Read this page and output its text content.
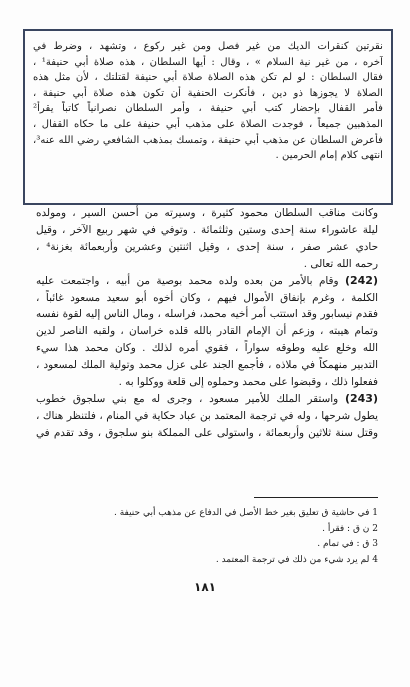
نقرتين كنقرات الديك من غير فصل ومن غير ركوع ، وتشهد ، وضرط في
آخره ، من غير نية السلام » ، وقال : أيها السلطان ، هذه صلاة أبي حنيفة¹ ،
فقال السلطان : لو لم تكن هذه الصلاة صلاة أبي حنيفة لقتلتك ، لأن مثل هذه
الصلاة لا يجوزها ذو دين ، فأنكرت الحنفية أن تكون هذه صلاة أبي حنيفة ،
فأمر القفال بإحضار كتب أبي حنيفة ، وأمر السلطان نصرانياً كاتباً يقرأ²
المذهبين جميعاً ، فوجدت الصلاة على مذهب أبي حنيفة على ما حكاه القفال ،
فأعرض السلطان عن مذهب أبي حنيفة ، وتمسك بمذهب الشافعي رضي الله عنه³،
انتهى كلام إمام الحرمين .
وكانت مناقب السلطان محمود كثيرة ، وسيرته من أحسن السير ، ومولده
ليلة عاشوراء سنة إحدى وستين وثلثمائة . وتوفي في شهر ربيع الآخر ، وقيل
حادي عشر صفر ، سنة إحدى ، وقيل اثنتين وعشرين وأربعمائة بغزنة⁴ ،
رحمه الله تعالى .
(242) وقام بالأمر من بعده ولده محمد بوصية من أبيه ، واجتمعت عليه
الكلمة ، وغرم بإنفاق الأموال فيهم ، وكان أخوه أبو سعيد مسعود غائباً ،
فقدم نيسابور وقد استتب أمر أخيه محمد، فراسله ، ومال الناس إليه لقوة نفسه
وتمام هيبته ، وزعم أن الإمام القادر بالله قلده خراسان ، ولقبه الناصر لدين
الله وخلع عليه وطوقه سواراً ، فقوي أمره لذلك . وكان محمد هذا سيء
التدبير منهمكاً في ملاذه ، فأجمع الجند على عزل محمد وتولية الملك لمسعود ،
ففعلوا ذلك ، وقبضوا على محمد وحملوه إلى قلعة ووكلوا به .
(243) واستقر الملك للأمير مسعود ، وجرى له مع بني سلجوق خطوب
يطول شرحها ، وله في ترجمة المعتمد بن عباد حكاية في المنام ، فلتنظر هناك ،
وقتل سنة ثلاثين وأربعمائة ، واستولى على المملكة بنو سلجوق ، وقد تقدم في
1 في حاشية ق تعليق بغير خط الأصل في الدفاع عن مذهب أبي حنيفة .
2 ن ق : فقرأ .
3 ق : في تمام .
4 لم يرد شيء من ذلك في ترجمة المعتمد .
١٨١
